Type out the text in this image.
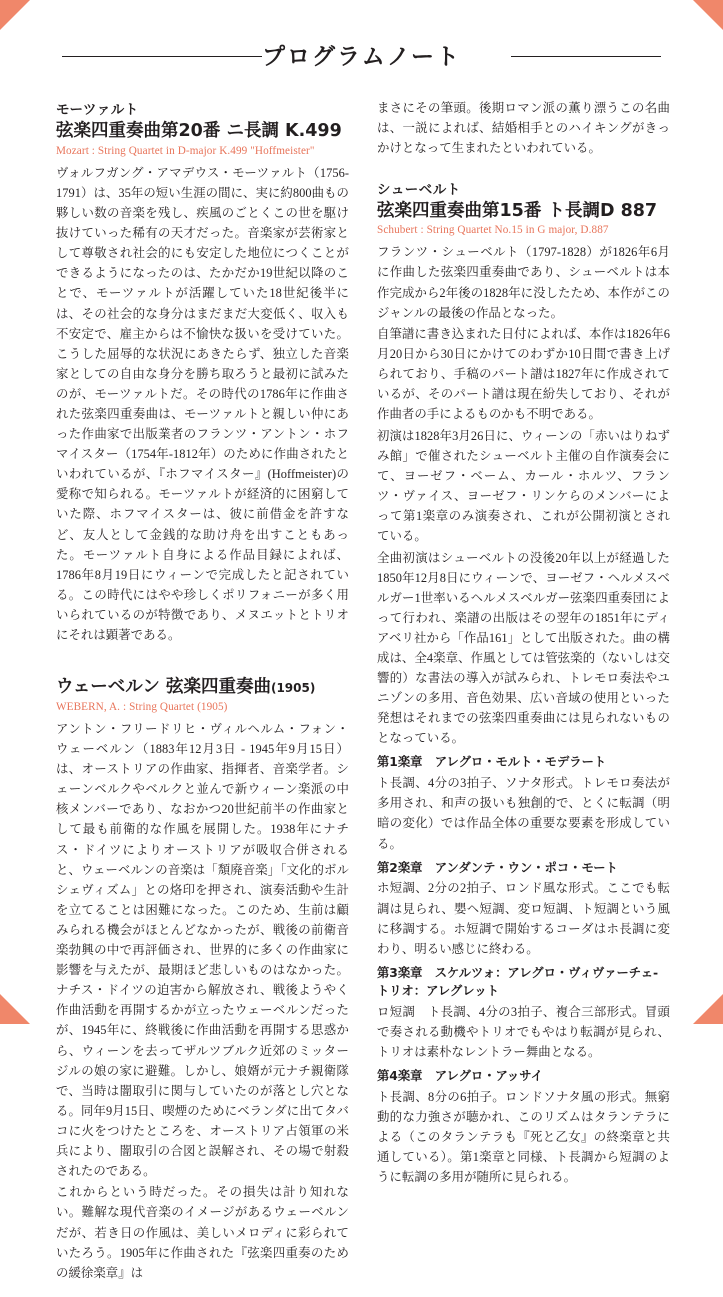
プログラムノート
モーツァルト
弦楽四重奏曲第20番 ニ長調 K.499
Mozart : String Quartet in D-major K.499 "Hoffmeister"

ヴォルフガング・アマデウス・モーツァルト（1756-1791）は、35年の短い生涯の間に、実に約800曲もの夥しい数の音楽を残し、疾風のごとくこの世を駆け抜けていった稀有の天才だった。音楽家が芸術家として尊敬され社会的にも安定した地位につくことができるようになったのは、たかだか19世紀以降のことで、モーツァルトが活躍していた18世紀後半には、その社会的な身分はまだまだ大変低く、収入も不安定で、雇主からは不愉快な扱いを受けていた。こうした屈辱的な状況にあきたらず、独立した音楽家としての自由な身分を勝ち取ろうと最初に試みたのが、モーツァルトだ。その時代の1786年に作曲された弦楽四重奏曲は、モーツァルトと親しい仲にあった作曲家で出版業者のフランツ・アントン・ホフマイスター（1754年-1812年）のために作曲されたといわれているが、『ホフマイスター』(Hoffmeister)の愛称で知られる。モーツァルトが経済的に困窮していた際、ホフマイスターは、彼に前借金を許すなど、友人として金銭的な助け舟を出すこともあった。モーツァルト自身による作品目録によれば、1786年8月19日にウィーンで完成したと記されている。この時代にはやや珍しくポリフォニーが多く用いられているのが特徴であり、メヌエットとトリオにそれは顕著である。

ウェーベルン 弦楽四重奏曲(1905)
WEBERN, A. : String Quartet (1905)

アントン・フリードリヒ・ヴィルヘルム・フォン・ウェーベルン（1883年12月3日 - 1945年9月15日）は、オーストリアの作曲家、指揮者、音楽学者。シェーンベルクやベルクと並んで新ウィーン楽派の中核メンバーであり、なおかつ20世紀前半の作曲家として最も前衛的な作風を展開した。1938年にナチス・ドイツによりオーストリアが吸収合併されると、ウェーベルンの音楽は「頽廃音楽」「文化的ボルシェヴィズム」との烙印を押され、演奏活動や生計を立てることは困難になった。このため、生前は顧みられる機会がほとんどなかったが、戦後の前衛音楽勃興の中で再評価され、世界的に多くの作曲家に影響を与えたが、最期ほど悲しいものはなかった。ナチス・ドイツの迫害から解放され、戦後ようやく作曲活動を再開するかが立ったウェーベルンだったが、1945年に、終戦後に作曲活動を再開する思惑から、ウィーンを去ってザルツブルク近郊のミッタージルの娘の家に避難。しかし、娘婿が元ナチ親衛隊で、当時は闇取引に関与していたのが落とし穴となる。同年9月15日、喫煙のためにベランダに出てタバコに火をつけたところを、オーストリア占領軍の米兵により、闇取引の合図と誤解され、その場で射殺されたのである。

これからという時だった。その損失は計り知れない。難解な現代音楽のイメージがあるウェーベルンだが、若き日の作風は、美しいメロディに彩られていたろう。1905年に作曲された『弦楽四重奏のための緩徐楽章』は

まさにその筆頭。後期ロマン派の薫り漂うこの名曲は、一説によれば、結婚相手とのハイキングがきっかけとなって生まれたといわれている。

シューベルト
弦楽四重奏曲第15番 ト長調D 887
Schubert : String Quartet No.15 in G major, D.887

フランツ・シューベルト（1797-1828）が1826年6月に作曲した弦楽四重奏曲であり、シューベルトは本作完成から2年後の1828年に没したため、本作がこのジャンルの最後の作品となった。

自筆譜に書き込まれた日付によれば、本作は1826年6月20日から30日にかけてのわずか10日間で書き上げられており、手稿のパート譜は1827年に作成されているが、そのパート譜は現在紛失しており、それが作曲者の手によるものかも不明である。

初演は1828年3月26日に、ウィーンの「赤いはりねずみ館」で催されたシューベルト主催の自作演奏会にて、ヨーゼフ・ベーム、カール・ホルツ、フランツ・ヴァイス、ヨーゼフ・リンケらのメンバーによって第1楽章のみ演奏され、これが公開初演とされている。

全曲初演はシューベルトの没後20年以上が経過した1850年12月8日にウィーンで、ヨーゼフ・ヘルメスベルガー1世率いるヘルメスベルガー弦楽四重奏団によって行われ、楽譜の出版はその翌年の1851年にディアベリ社から「作品161」として出版された。曲の構成は、全4楽章、作風としては管弦楽的（ないしは交響的）な書法の導入が試みられ、トレモロ奏法やユニゾンの多用、音色効果、広い音域の使用といった発想はそれまでの弦楽四重奏曲には見られないものとなっている。

第1楽章　アレグロ・モルト・モデラート

ト長調、4分の3拍子、ソナタ形式。トレモロ奏法が多用され、和声の扱いも独創的で、とくに転調（明暗の変化）では作品全体の重要な要素を形成している。

第2楽章　アンダンテ・ウン・ポコ・モート

ホ短調、2分の2拍子、ロンド風な形式。ここでも転調は見られ、嬰ヘ短調、変ロ短調、ト短調という風に移調する。ホ短調で開始するコーダはホ長調に変わり、明るい感じに終わる。

第3楽章　スケルツォ：アレグロ・ヴィヴァーチェ- トリオ：アレグレット

ロ短調　ト長調、4分の3拍子、複合三部形式。冒頭で奏される動機やトリオでもやはり転調が見られ、トリオは素朴なレントラー舞曲となる。

第4楽章　アレグロ・アッサイ

ト長調、8分の6拍子。ロンドソナタ風の形式。無窮動的な力強さが聴かれ、このリズムはタランテラによる（このタランテラも『死と乙女』の終楽章と共通している）。第1楽章と同様、ト長調から短調のように転調の多用が随所に見られる。
